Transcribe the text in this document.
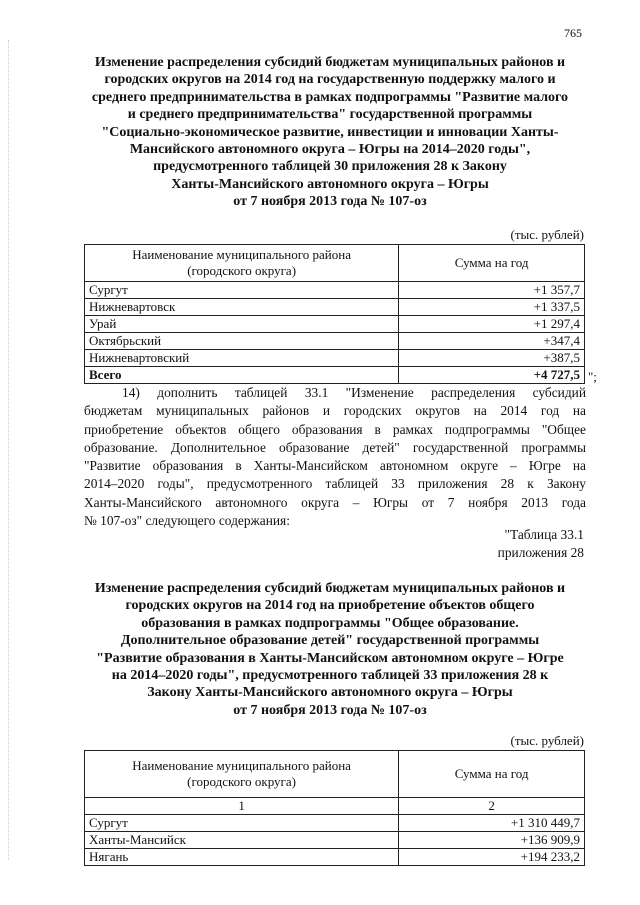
765
Изменение распределения субсидий бюджетам муниципальных районов и
городских округов на 2014 год на государственную поддержку малого и
среднего предпринимательства в рамках подпрограммы "Развитие малого
и среднего предпринимательства" государственной программы
"Социально-экономическое развитие, инвестиции и инновации Ханты-
Мансийского автономного округа – Югры на 2014–2020 годы",
предусмотренного таблицей 30 приложения 28 к Закону
Ханты-Мансийского автономного округа – Югры
от 7 ноября 2013 года № 107-оз
(тыс. рублей)
Наименование муниципального района
(городского округа)	Сумма на год
Сургут	+1 357,7
Нижневартовск	+1 337,5
Урай	+1 297,4
Октябрьский	+347,4
Нижневартовский	+387,5
Всего	+4 727,5 ";
14) дополнить таблицей 33.1 "Изменение распределения субсидий
бюджетам муниципальных районов и городских округов на 2014 год на
приобретение объектов общего образования в рамках подпрограммы "Общее
образование. Дополнительное образование детей" государственной программы
"Развитие образования в Ханты-Мансийском автономном округе – Югре на
2014–2020 годы", предусмотренного таблицей 33 приложения 28 к Закону
Ханты-Мансийского автономного округа – Югры от 7 ноября 2013 года
№ 107-оз" следующего содержания:
"Таблица 33.1
приложения 28
Изменение распределения субсидий бюджетам муниципальных районов и
городских округов на 2014 год на приобретение объектов общего
образования в рамках подпрограммы "Общее образование.
Дополнительное образование детей" государственной программы
"Развитие образования в Ханты-Мансийском автономном округе – Югре
на 2014–2020 годы", предусмотренного таблицей 33 приложения 28 к
Закону Ханты-Мансийского автономного округа – Югры
от 7 ноября 2013 года № 107-оз
(тыс. рублей)
Наименование муниципального района
(городского округа)	Сумма на год
1	2
Сургут	+1 310 449,7
Ханты-Мансийск	+136 909,9
Нягань	+194 233,2
